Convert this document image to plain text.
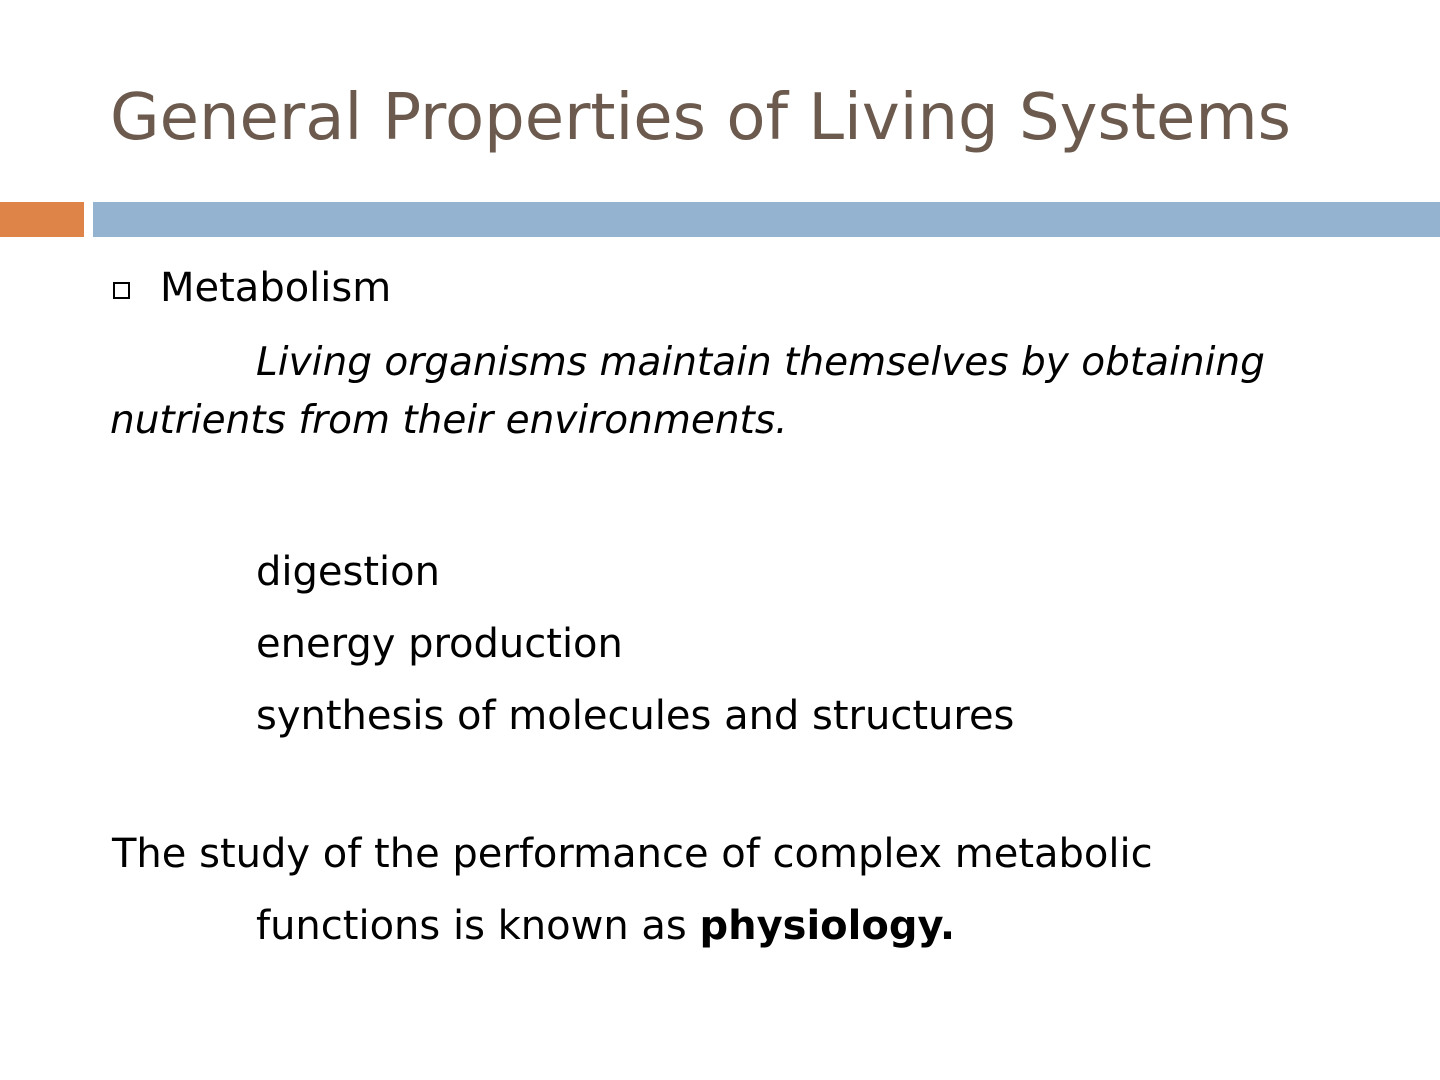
General Properties of Living Systems
Metabolism

Living organisms maintain themselves by obtaining nutrients from their environments.

digestion
energy production
synthesis of molecules and structures
The study of the performance of complex metabolic
functions is known as physiology.
